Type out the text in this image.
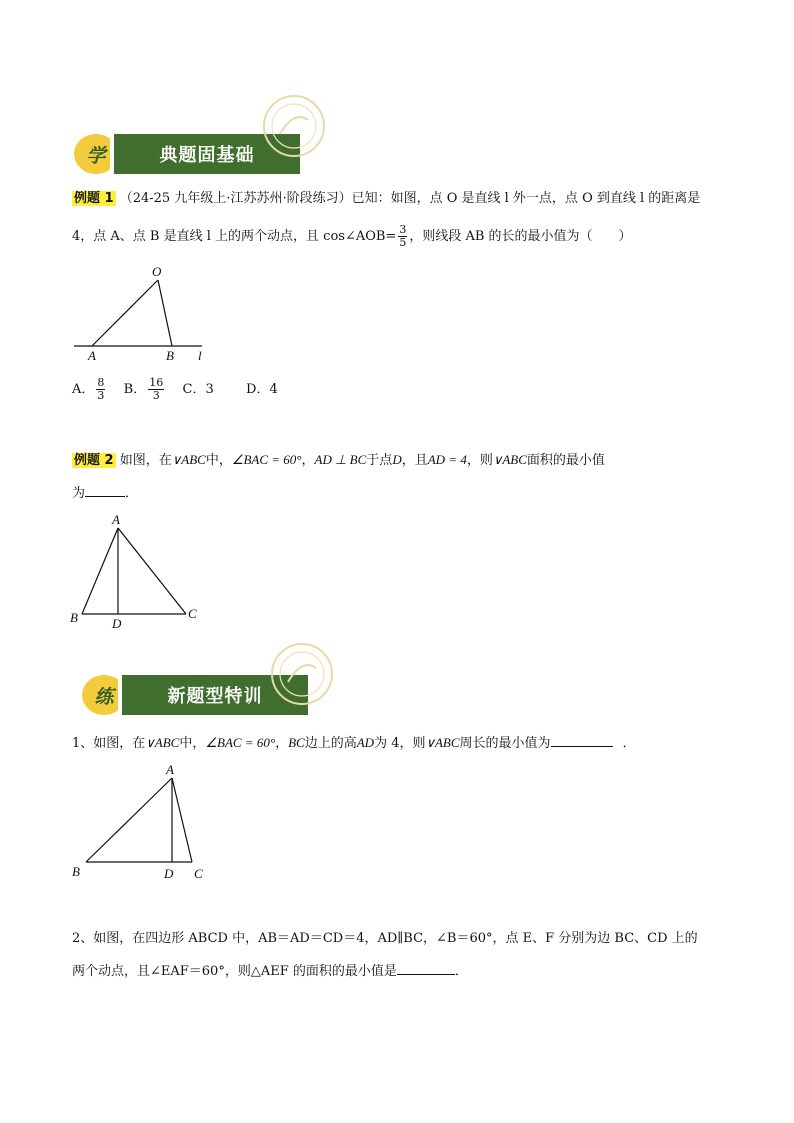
学	典题固基础
例题 1 （24-25 九年级上·江苏苏州·阶段练习）已知：如图，点 O 是直线 l 外一点，点 O 到直线 l 的距离是
4，点 A、点 B 是直线 l 上的两个动点，且 cos∠AOB= $\frac{3}{5}$ ，则线段 AB 的长的最小值为（　　）
O
A	B l
A． $\frac{8}{3}$ B． $\frac{16}{3}$ C．3 D．4
例题 2 如图，在∨ABC中，∠BAC = 60°，AD ⊥ BC于点D，且AD = 4，则∨ABC面积的最小值
为	．
A
B	C
D
练	新题型特训
1、如图，在∨ABC中，∠BAC = 60°，BC边上的高AD为 4，则∨ABC周长的最小值为	．
A
B	D C
2、如图，在四边形 ABCD 中，AB＝AD＝CD＝4，AD∥BC，∠B＝60°，点 E、F 分别为边 BC、CD 上的
两个动点，且∠EAF＝60°，则△AEF 的面积的最小值是	．
